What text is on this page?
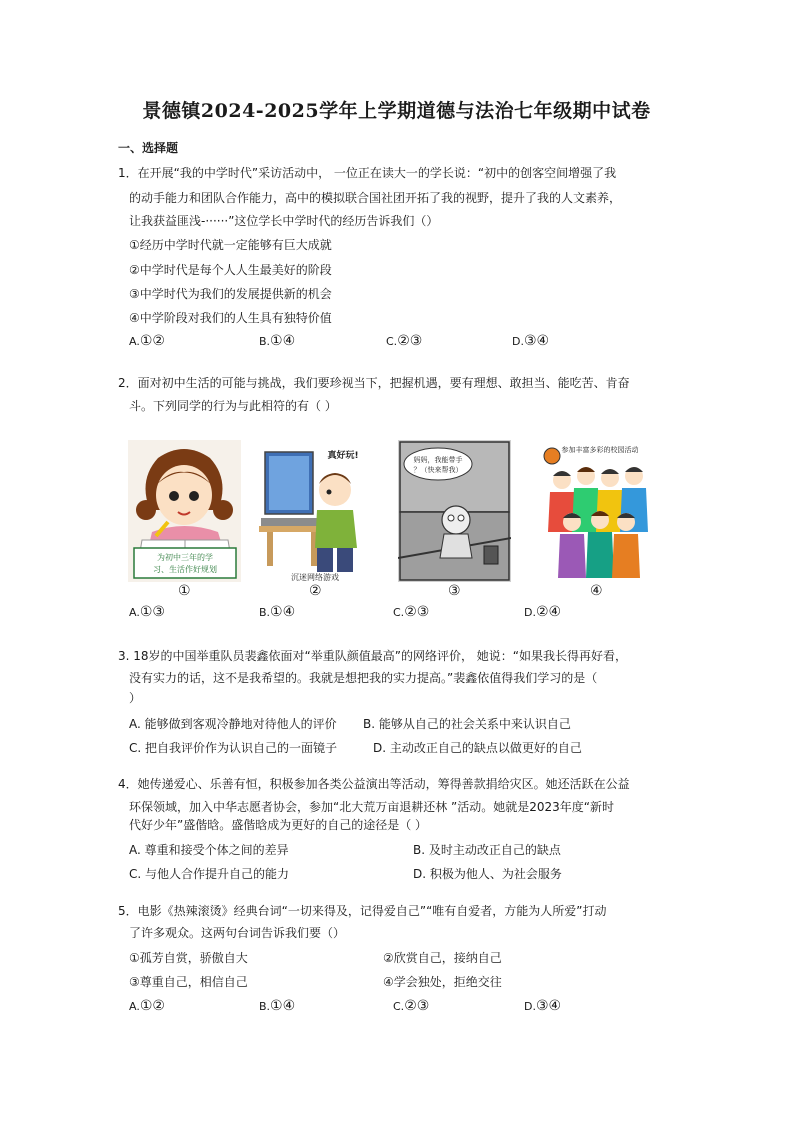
景德镇2024-2025学年上学期道德与法治七年级期中试卷
一、选择题
1．在开展“我的中学时代”采访活动中， 一位正在读大一的学长说：“初中的创客空间增强了我
的动手能力和团队合作能力，高中的模拟联合国社团开拓了我的视野，提升了我的人文素养，
让我获益匪浅-······”这位学长中学时代的经历告诉我们（）
①经历中学时代就一定能够有巨大成就
②中学时代是每个人人生最美好的阶段
③中学时代为我们的发展提供新的机会
④中学阶段对我们的人生具有独特价值
A.①②	B.①④	C.②③	D.③④
2．面对初中生活的可能与挑战，我们要珍视当下，把握机遇，要有理想、敢担当、能吃苦、肯奋
斗。下列同学的行为与此相符的有（ ）
为初中三年的学
习、生活作好规划
真好玩!
沉迷网络游戏
妈妈，我能带手
？（快来帮我）
参加丰富多彩的校园活动
①	②	③	④
A.①③	B.①④	C.②③	D.②④
3. 18岁的中国举重队员裴鑫依面对“举重队颜值最高”的网络评价， 她说：“如果我长得再好看，
没有实力的话，这不是我希望的。我就是想把我的实力提高。”裴鑫依值得我们学习的是（
）
A. 能够做到客观冷静地对待他人的评价 B. 能够从自己的社会关系中来认识自己
C. 把自我评价作为认识自己的一面镜子	D. 主动改正自己的缺点以做更好的自己
4．她传递爱心、乐善有恒，积极参加各类公益演出等活动，筹得善款捐给灾区。她还活跃在公益
环保领域，加入中华志愿者协会，参加“北大荒万亩退耕还林 ”活动。她就是2023年度“新时
代好少年”盛偕晗。盛偕晗成为更好的自己的途径是（ ）
A. 尊重和接受个体之间的差异	B. 及时主动改正自己的缺点
C. 与他人合作提升自己的能力	D. 积极为他人、为社会服务
5．电影《热辣滚烫》经典台词“一切来得及，记得爱自己”“唯有自爱者，方能为人所爱”打动
了许多观众。这两句台词告诉我们要（）
①孤芳自赏，骄傲自大	②欣赏自己，接纳自己
③尊重自己，相信自己	④学会独处，拒绝交往
A.①②	B.①④	C.②③	D.③④
